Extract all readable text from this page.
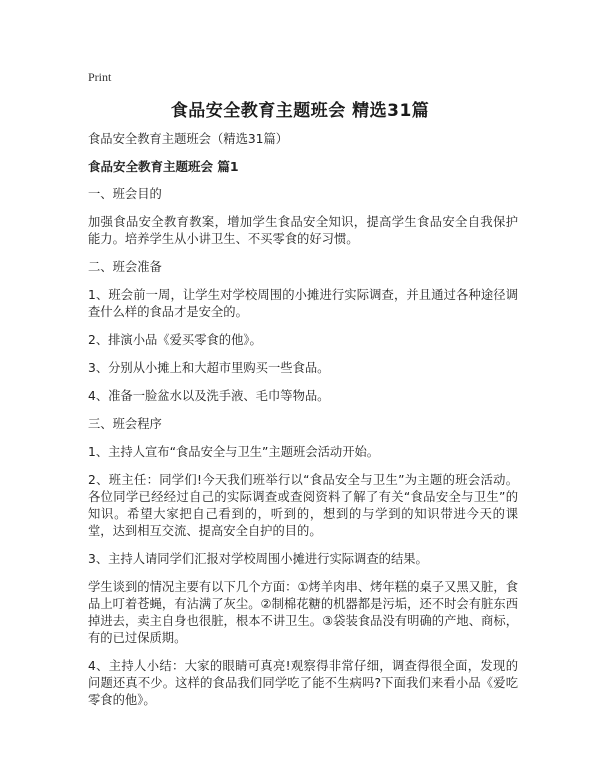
Print
食品安全教育主题班会 精选31篇

食品安全教育主题班会（精选31篇）

食品安全教育主题班会 篇1

一、班会目的

加强食品安全教育教案，增加学生食品安全知识，提高学生食品安全自我保护能力。培养学生从小讲卫生、不买零食的好习惯。

二、班会准备

1、班会前一周，让学生对学校周围的小摊进行实际调查，并且通过各种途径调查什么样的食品才是安全的。

2、排演小品《爱买零食的他》。

3、分别从小摊上和大超市里购买一些食品。

4、准备一脸盆水以及洗手液、毛巾等物品。

三、班会程序

1、主持人宣布“食品安全与卫生”主题班会活动开始。

2、班主任：同学们!今天我们班举行以“食品安全与卫生”为主题的班会活动。各位同学已经经过自己的实际调查或查阅资料了解了有关“食品安全与卫生”的知识。希望大家把自己看到的，听到的，想到的与学到的知识带进今天的课堂，达到相互交流、提高安全自护的目的。

3、主持人请同学们汇报对学校周围小摊进行实际调查的结果。

学生谈到的情况主要有以下几个方面：①烤羊肉串、烤年糕的桌子又黑又脏，食品上叮着苍蝇，有沾满了灰尘。②制棉花糖的机器都是污垢，还不时会有脏东西掉进去，卖主自身也很脏，根本不讲卫生。③袋装食品没有明确的产地、商标，有的已过保质期。

4、主持人小结：大家的眼睛可真亮!观察得非常仔细，调查得很全面，发现的问题还真不少。这样的食品我们同学吃了能不生病吗?下面我们来看小品《爱吃零食的他》。
